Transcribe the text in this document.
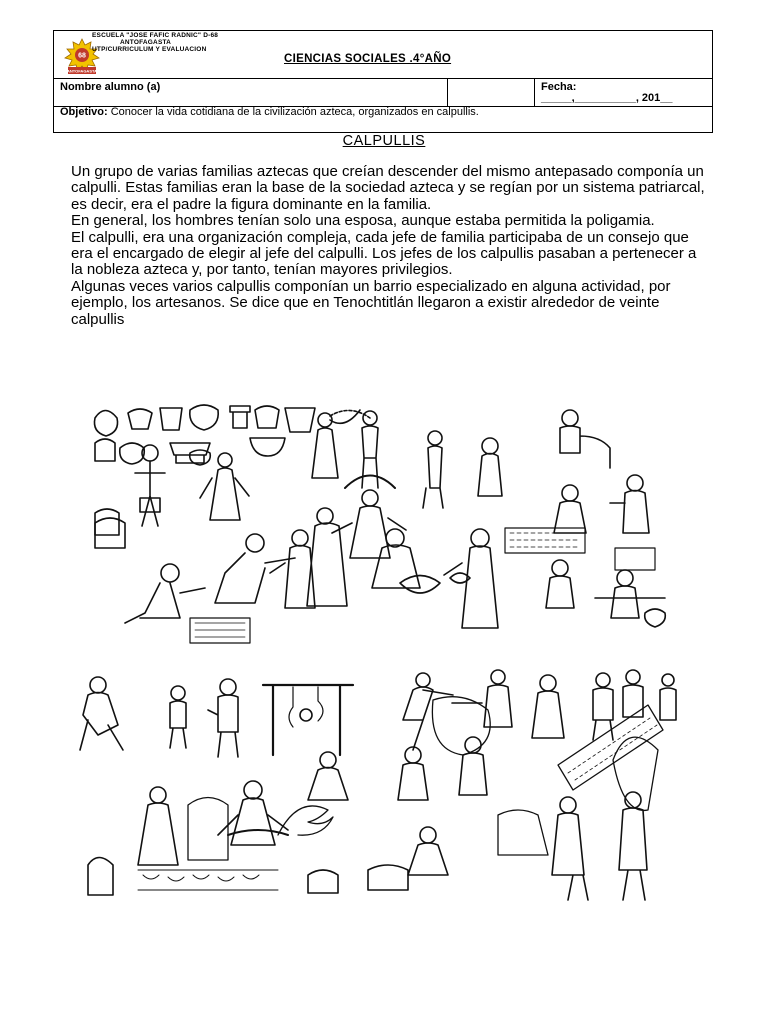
68
ANTOFAGASTA
ESCUELA "JOSE FAFIC RADNIC" D-68
ANTOFAGASTA
UTP/CURRICULUM Y EVALUACION
CIENCIAS SOCIALES .4°AÑO
Nombre alumno (a)	Fecha:
_____,__________, 201__
Objetivo: Conocer la vida cotidiana de la civilización azteca, organizados en calpullis.
CALPULLIS

Un grupo de varias familias aztecas que creían descender del mismo antepasado componía un calpulli. Estas familias eran la base de la sociedad azteca y se regían por un sistema patriarcal, es decir, era el padre la figura dominante en la familia.

En general, los hombres tenían solo una esposa, aunque estaba permitida la poligamia.

El calpulli, era una organización compleja, cada jefe de familia participaba de un consejo que era el encargado de elegir al jefe del calpulli. Los jefes de los calpullis pasaban a pertenecer a la nobleza azteca y, por tanto, tenían mayores privilegios.

Algunas veces varios calpullis componían un barrio especializado en alguna actividad, por ejemplo, los artesanos. Se dice que en Tenochtitlán llegaron a existir alrededor de veinte calpullis
